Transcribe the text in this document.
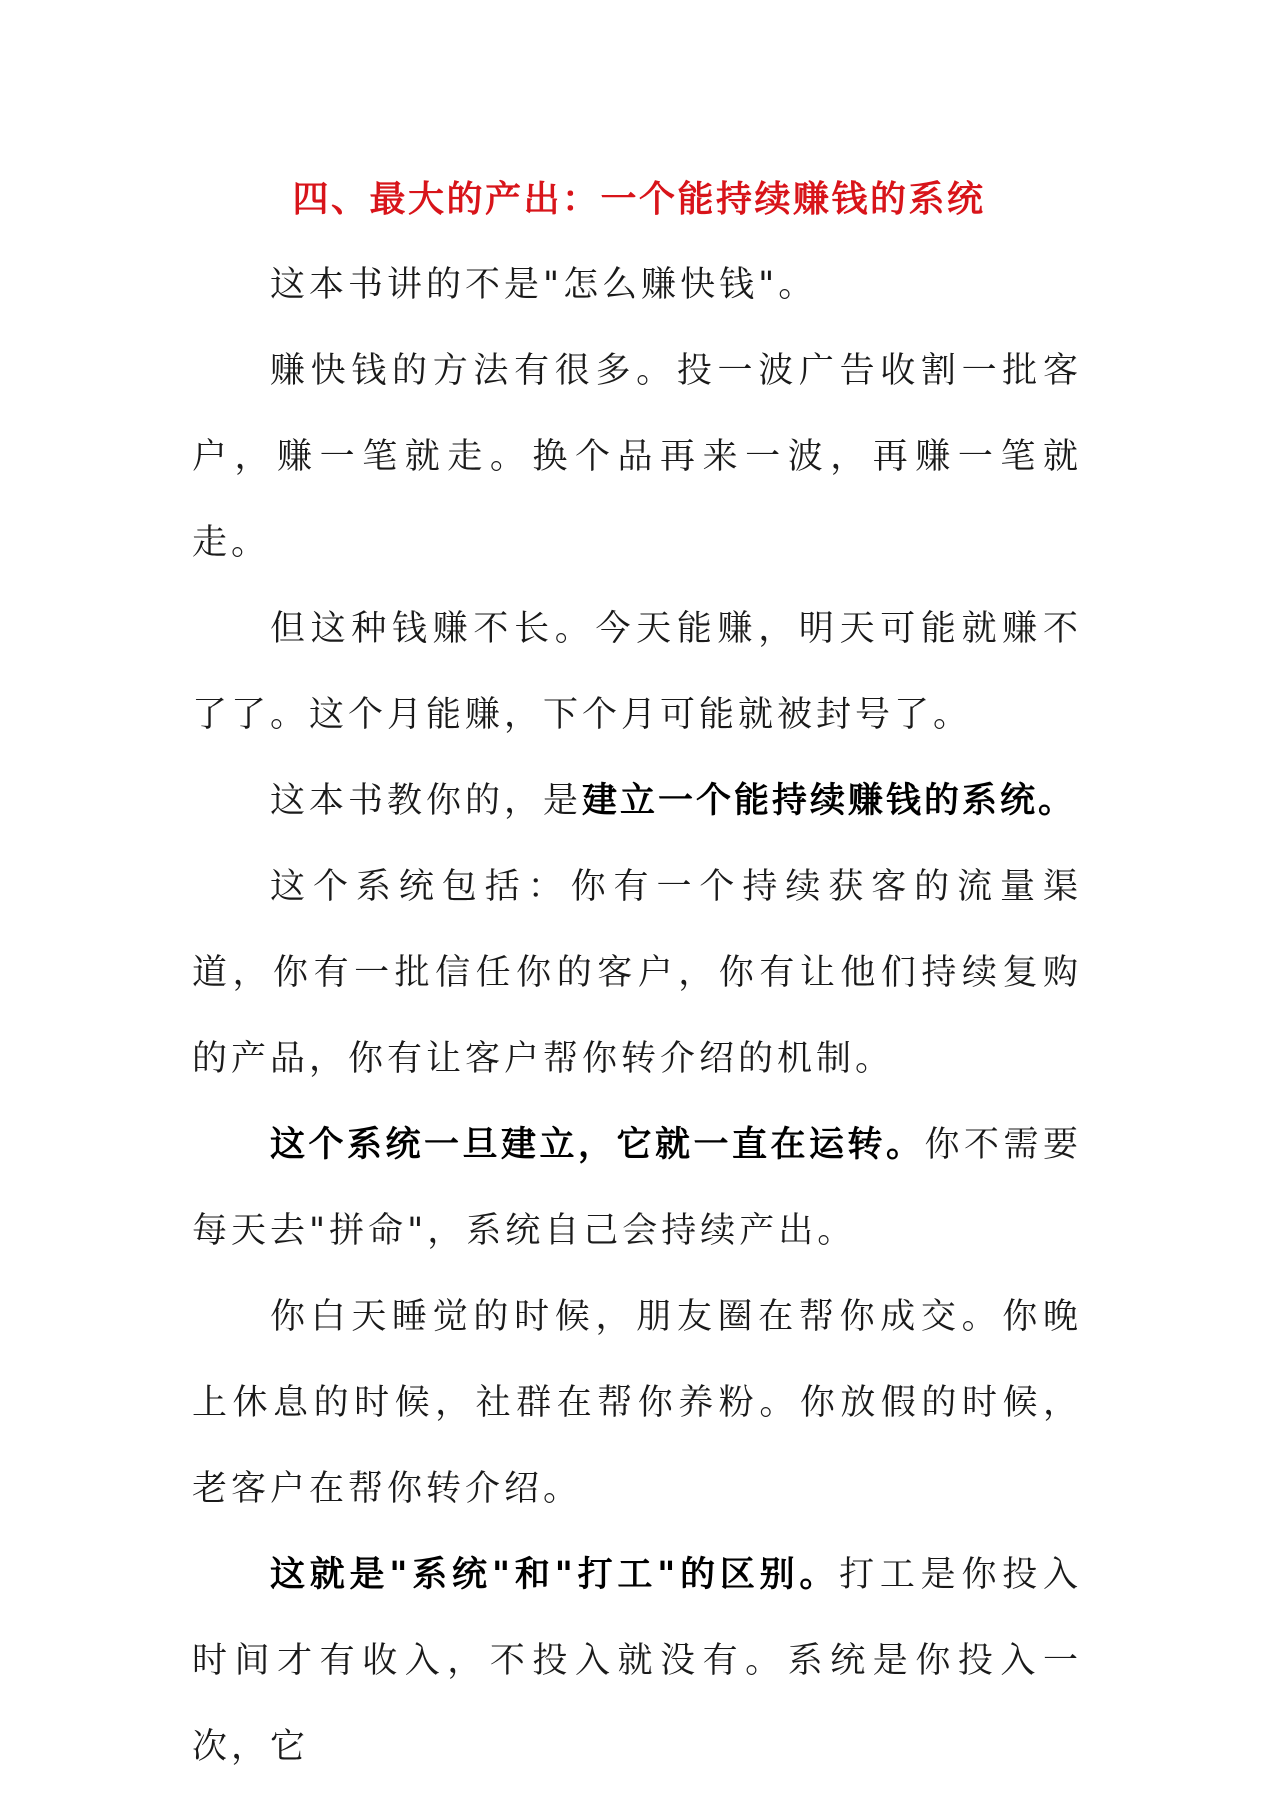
四、最大的产出：一个能持续赚钱的系统

这本书讲的不是"怎么赚快钱"。

赚快钱的方法有很多。投一波广告收割一批客户，赚一笔就走。换个品再来一波，再赚一笔就走。

但这种钱赚不长。今天能赚，明天可能就赚不了了。这个月能赚，下个月可能就被封号了。

这本书教你的，是建立一个能持续赚钱的系统。

这个系统包括：你有一个持续获客的流量渠道，你有一批信任你的客户，你有让他们持续复购的产品，你有让客户帮你转介绍的机制。

这个系统一旦建立，它就一直在运转。你不需要每天去"拼命"，系统自己会持续产出。

你白天睡觉的时候，朋友圈在帮你成交。你晚上休息的时候，社群在帮你养粉。你放假的时候，老客户在帮你转介绍。

这就是"系统"和"打工"的区别。打工是你投入时间才有收入，不投入就没有。系统是你投入一次，它
